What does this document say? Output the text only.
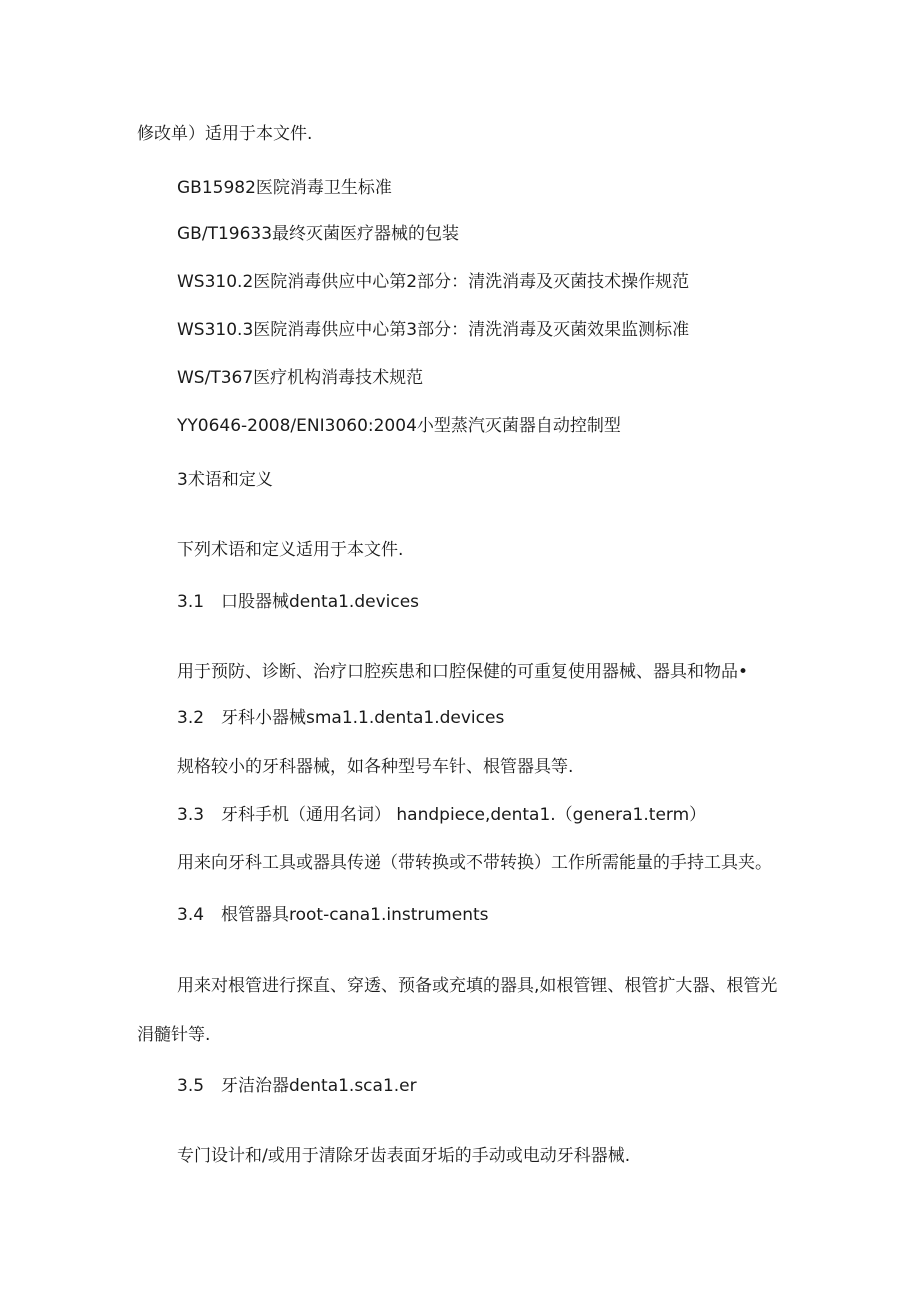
修改单）适用于本文件.
GB15982医院消毒卫生标准
GB/T19633最终灭菌医疗器械的包装
WS310.2医院消毒供应中心第2部分：清洗消毒及灭菌技术操作规范
WS310.3医院消毒供应中心第3部分：清洗消毒及灭菌效果监测标准
WS/T367医疗机构消毒技术规范
YY0646-2008/ENI3060:2004小型蒸汽灭菌器自动控制型
3术语和定义
下列术语和定义适用于本文件.
3.1 口股器械denta1.devices
用于预防、诊断、治疗口腔疾患和口腔保健的可重复使用器械、器具和物品•
3.2 牙科小器械sma1.1.denta1.devices
规格较小的牙科器械，如各种型号车针、根管器具等.
3.3 牙科手机（通用名词） handpiece,denta1.（genera1.term）
用来向牙科工具或器具传递（带转换或不带转换）工作所需能量的手持工具夹。
3.4 根管器具root-cana1.instruments
用来对根管进行探直、穿透、预备或充填的器具,如根管锂、根管扩大器、根管光
涓髓针等.
3.5 牙洁治器denta1.sca1.er
专门设计和/或用于清除牙齿表面牙垢的手动或电动牙科器械.
